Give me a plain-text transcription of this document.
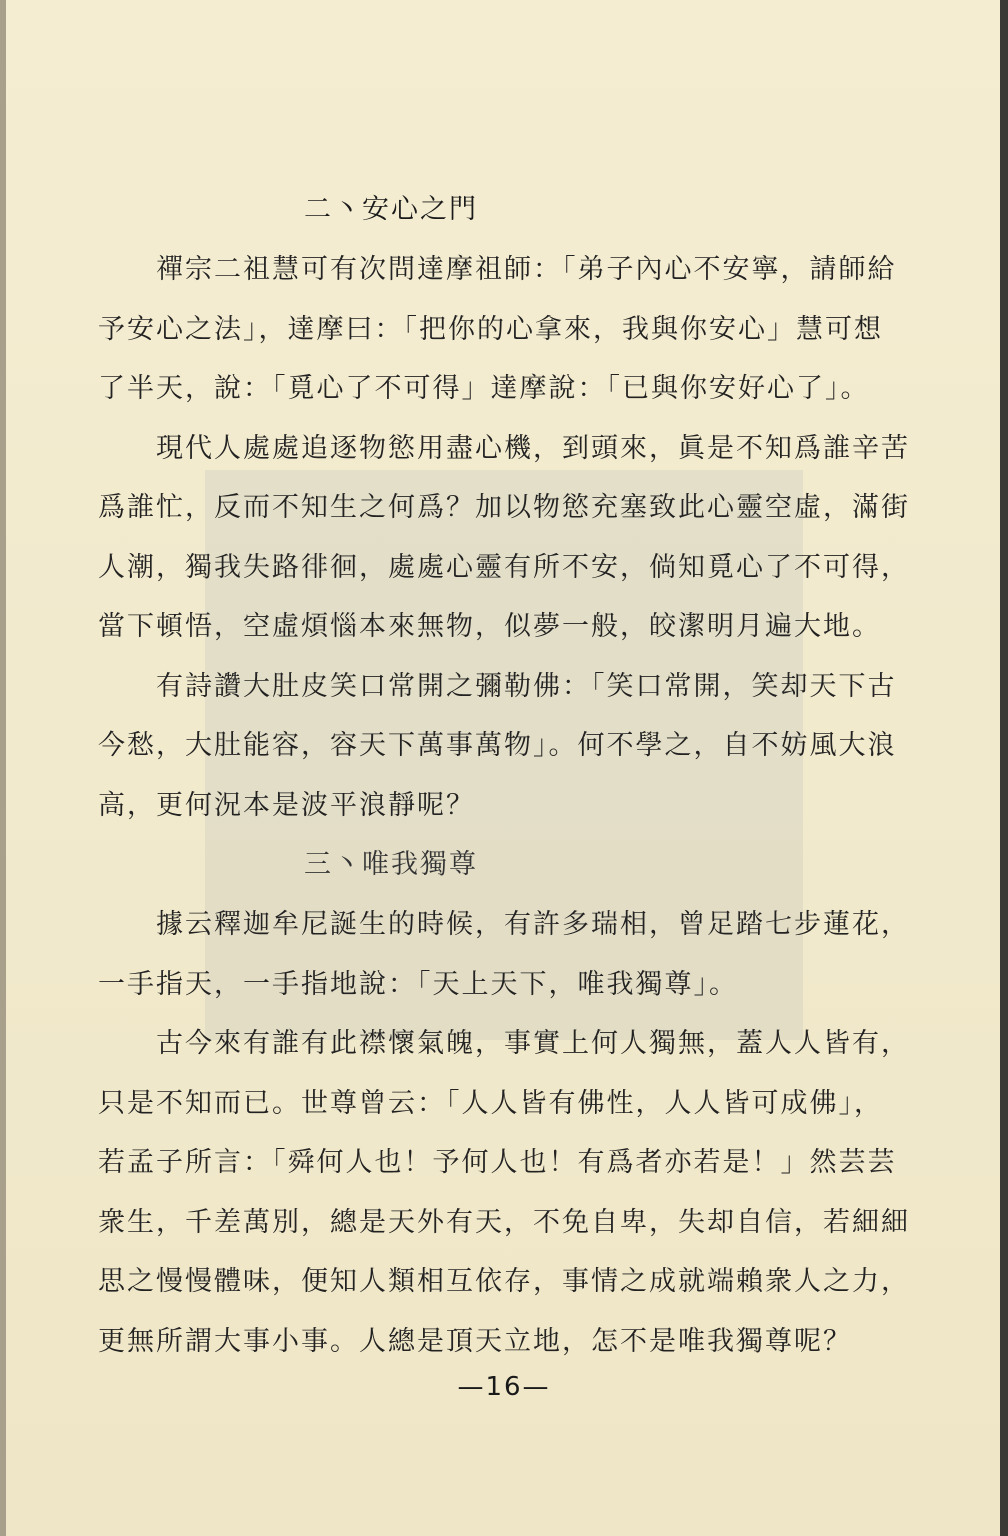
二丶安心之門
禪宗二祖慧可有次問達摩祖師：「弟子內心不安寧，請師給
予安心之法」，達摩曰：「把你的心拿來，我與你安心」慧可想
了半天，說：「覓心了不可得」達摩說：「已與你安好心了」。
現代人處處追逐物慾用盡心機，到頭來，眞是不知爲誰辛苦
爲誰忙，反而不知生之何爲？加以物慾充塞致此心靈空虛，滿街
人潮，獨我失路徘徊，處處心靈有所不安，倘知覓心了不可得，
當下頓悟，空虛煩惱本來無物，似夢一般，皎潔明月遍大地。
有詩讚大肚皮笑口常開之彌勒佛：「笑口常開，笑却天下古
今愁，大肚能容，容天下萬事萬物」。何不學之，自不妨風大浪
高，更何況本是波平浪靜呢？
三丶唯我獨尊
據云釋迦牟尼誕生的時候，有許多瑞相，曾足踏七步蓮花，
一手指天，一手指地說：「天上天下，唯我獨尊」。
古今來有誰有此襟懷氣魄，事實上何人獨無，蓋人人皆有，
只是不知而已。世尊曾云：「人人皆有佛性，人人皆可成佛」，
若孟子所言：「舜何人也！予何人也！有爲者亦若是！」然芸芸
衆生，千差萬別，總是天外有天，不免自卑，失却自信，若細細
思之慢慢體味，便知人類相互依存，事情之成就端賴衆人之力，
更無所謂大事小事。人總是頂天立地，怎不是唯我獨尊呢？
—16—
